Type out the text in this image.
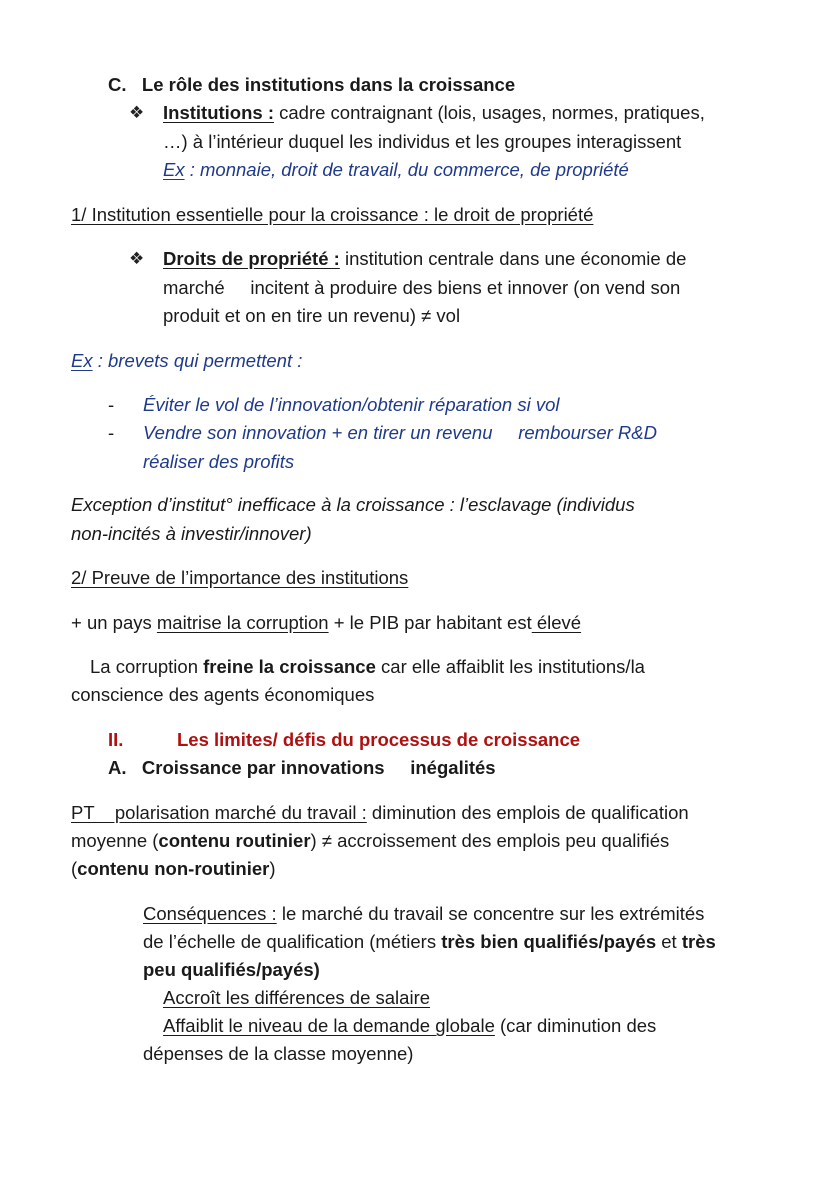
C. Le rôle des institutions dans la croissance
❖ Institutions : cadre contraignant (lois, usages, normes, pratiques,
…) à l’intérieur duquel les individus et les groupes interagissent
Ex : monnaie, droit de travail, du commerce, de propriété
1/ Institution essentielle pour la croissance : le droit de propriété
❖ Droits de propriété : institution centrale dans une économie de
marché     incitent à produire des biens et innover (on vend son
produit et on en tire un revenu) ≠ vol
Ex : brevets qui permettent :
- Éviter le vol de l’innovation/obtenir réparation si vol
- Vendre son innovation + en tirer un revenu     rembourser R&D
réaliser des profits
Exception d’institut° inefficace à la croissance : l’esclavage (individus
non-incités à investir/innover)
2/ Preuve de l’importance des institutions
+ un pays maitrise la corruption + le PIB par habitant est élevé
La corruption freine la croissance car elle affaiblit les institutions/la
conscience des agents économiques
II.	Les limites/ défis du processus de croissance
A. Croissance par innovations     inégalités
PT    polarisation marché du travail : diminution des emplois de qualification
moyenne (contenu routinier) ≠ accroissement des emplois peu qualifiés
(contenu non-routinier)
Conséquences : le marché du travail se concentre sur les extrémités
de l’échelle de qualification (métiers très bien qualifiés/payés et très
peu qualifiés/payés)
Accroît les différences de salaire
Affaiblit le niveau de la demande globale (car diminution des
dépenses de la classe moyenne)
